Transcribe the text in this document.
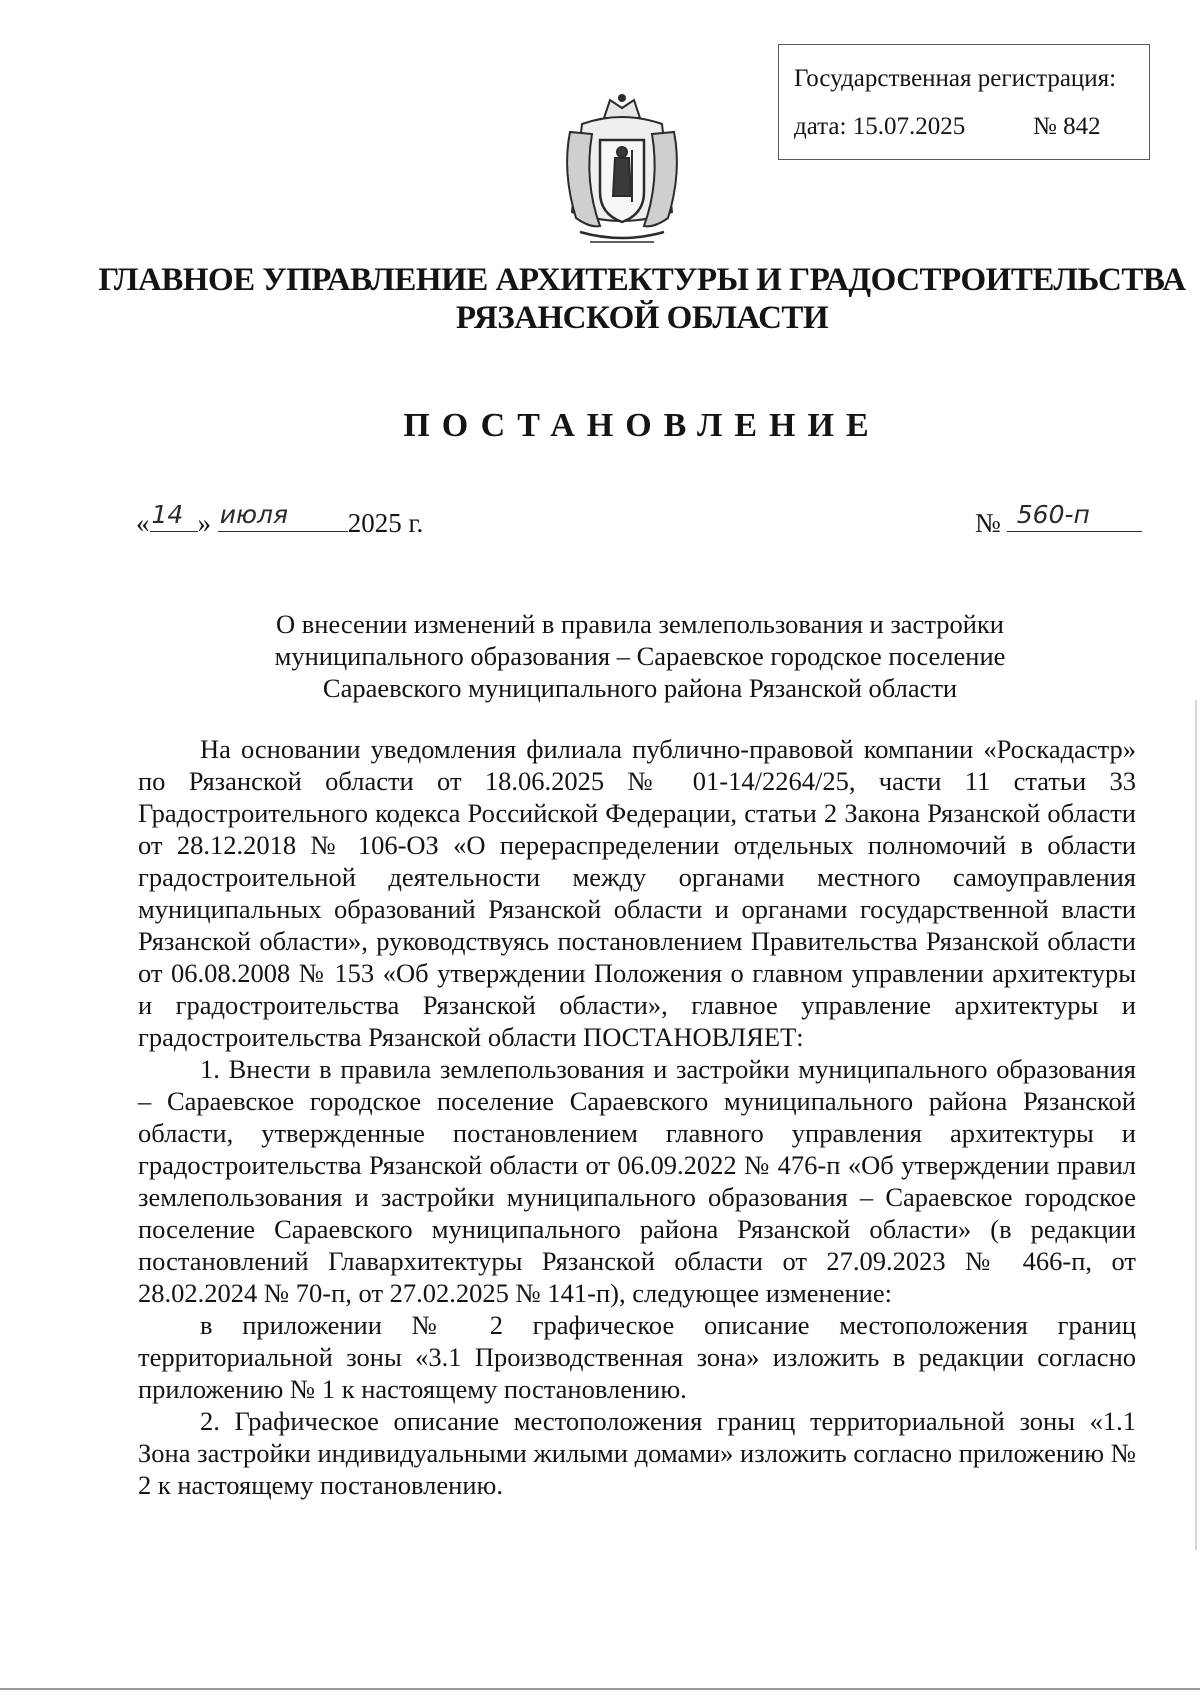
Государственная регистрация:
дата: 15.07.2025	№ 842
ГЛАВНОЕ УПРАВЛЕНИЕ АРХИТЕКТУРЫ И ГРАДОСТРОИТЕЛЬСТВА
РЯЗАНСКОЙ ОБЛАСТИ
ПОСТАНОВЛЕНИЕ
« 14 » июля 2025 г.	№ 560-п
О внесении изменений в правила землепользования и застройки
муниципального образования – Сараевское городское поселение
Сараевского муниципального района Рязанской области

На основании уведомления филиала публично-правовой компании «Роскадастр» по Рязанской области от 18.06.2025 № 01-14/2264/25, части 11 статьи 33 Градостроительного кодекса Российской Федерации, статьи 2 Закона Рязанской области от 28.12.2018 № 106-ОЗ «О перераспределении отдельных полномочий в области градостроительной деятельности между органами местного самоуправления муниципальных образований Рязанской области и органами государственной власти Рязанской области», руководствуясь постановлением Правительства Рязанской области от 06.08.2008 № 153 «Об утверждении Положения о главном управлении архитектуры и градостроительства Рязанской области», главное управление архитектуры и градостроительства Рязанской области ПОСТАНОВЛЯЕТ:

1. Внести в правила землепользования и застройки муниципального образования – Сараевское городское поселение Сараевского муниципального района Рязанской области, утвержденные постановлением главного управления архитектуры и градостроительства Рязанской области от 06.09.2022 № 476-п «Об утверждении правил землепользования и застройки муниципального образования – Сараевское городское поселение Сараевского муниципального района Рязанской области» (в редакции постановлений Главархитектуры Рязанской области от 27.09.2023 № 466-п, от 28.02.2024 № 70-п, от 27.02.2025 № 141-п), следующее изменение:

в приложении № 2 графическое описание местоположения границ территориальной зоны «3.1 Производственная зона» изложить в редакции согласно приложению № 1 к настоящему постановлению.

2. Графическое описание местоположения границ территориальной зоны «1.1 Зона застройки индивидуальными жилыми домами» изложить согласно приложению № 2 к настоящему постановлению.
